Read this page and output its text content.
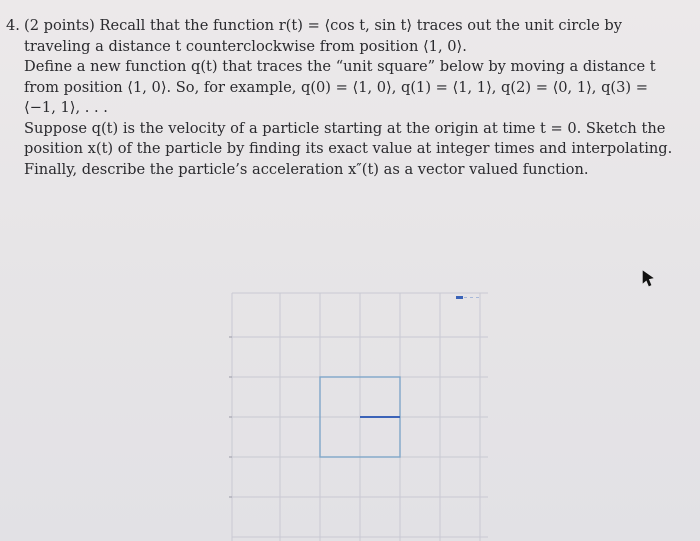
4. (2 points) Recall that the function r(t) = ⟨cos t, sin t⟩ traces out the unit circle by
traveling a distance t counterclockwise from position ⟨1, 0⟩.
Define a new function q(t) that traces the “unit square” below by moving a distance t
from position ⟨1, 0⟩. So, for example, q(0) = ⟨1, 0⟩, q(1) = ⟨1, 1⟩, q(2) = ⟨0, 1⟩, q(3) =
⟨−1, 1⟩, . . .
Suppose q(t) is the velocity of a particle starting at the origin at time t = 0. Sketch the
position x(t) of the particle by finding its exact value at integer times and interpolating.
Finally, describe the particle’s acceleration x″(t) as a vector valued function.
